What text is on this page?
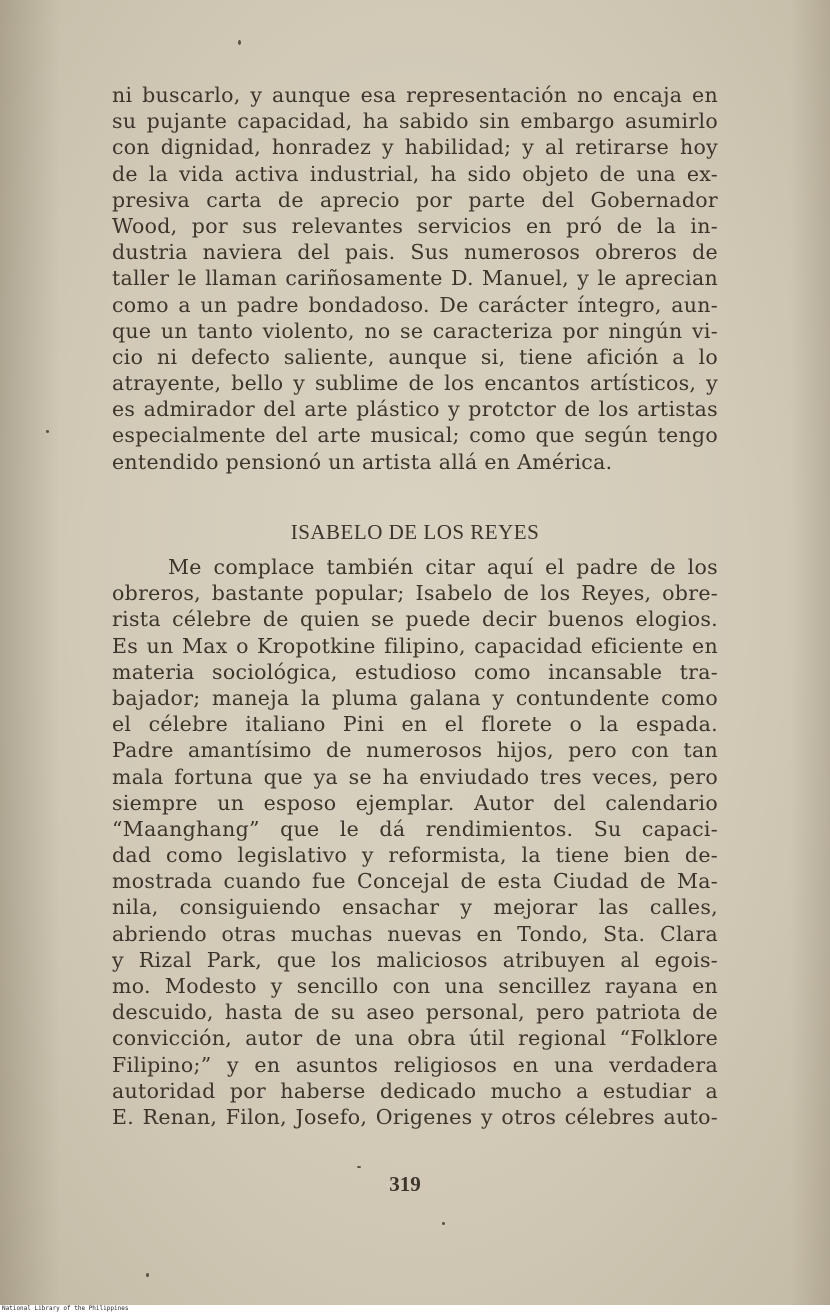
ni buscarlo, y aunque esa representación no encaja en
su pujante capacidad, ha sabido sin embargo asumirlo
con dignidad, honradez y habilidad; y al retirarse hoy
de la vida activa industrial, ha sido objeto de una ex-
presiva carta de aprecio por parte del Gobernador
Wood, por sus relevantes servicios en pró de la in-
dustria naviera del pais. Sus numerosos obreros de
taller le llaman cariñosamente D. Manuel, y le aprecian
como a un padre bondadoso. De carácter íntegro, aun-
que un tanto violento, no se caracteriza por ningún vi-
cio ni defecto saliente, aunque si, tiene afición a lo
atrayente, bello y sublime de los encantos artísticos, y
es admirador del arte plástico y protctor de los artistas
especialmente del arte musical; como que según tengo
entendido pensionó un artista allá en América.
ISABELO DE LOS REYES
Me complace también citar aquí el padre de los
obreros, bastante popular; Isabelo de los Reyes, obre-
rista célebre de quien se puede decir buenos elogios.
Es un Max o Kropotkine filipino, capacidad eficiente en
materia sociológica, estudioso como incansable tra-
bajador; maneja la pluma galana y contundente como
el célebre italiano Pini en el florete o la espada.
Padre amantísimo de numerosos hijos, pero con tan
mala fortuna que ya se ha enviudado tres veces, pero
siempre un esposo ejemplar. Autor del calendario
“Maanghang” que le dá rendimientos. Su capaci-
dad como legislativo y reformista, la tiene bien de-
mostrada cuando fue Concejal de esta Ciudad de Ma-
nila, consiguiendo ensachar y mejorar las calles,
abriendo otras muchas nuevas en Tondo, Sta. Clara
y Rizal Park, que los maliciosos atribuyen al egois-
mo. Modesto y sencillo con una sencillez rayana en
descuido, hasta de su aseo personal, pero patriota de
convicción, autor de una obra útil regional “Folklore
Filipino;” y en asuntos religiosos en una verdadera
autoridad por haberse dedicado mucho a estudiar a
E. Renan, Filon, Josefo, Origenes y otros célebres auto-
319
National Library of the Philippines
